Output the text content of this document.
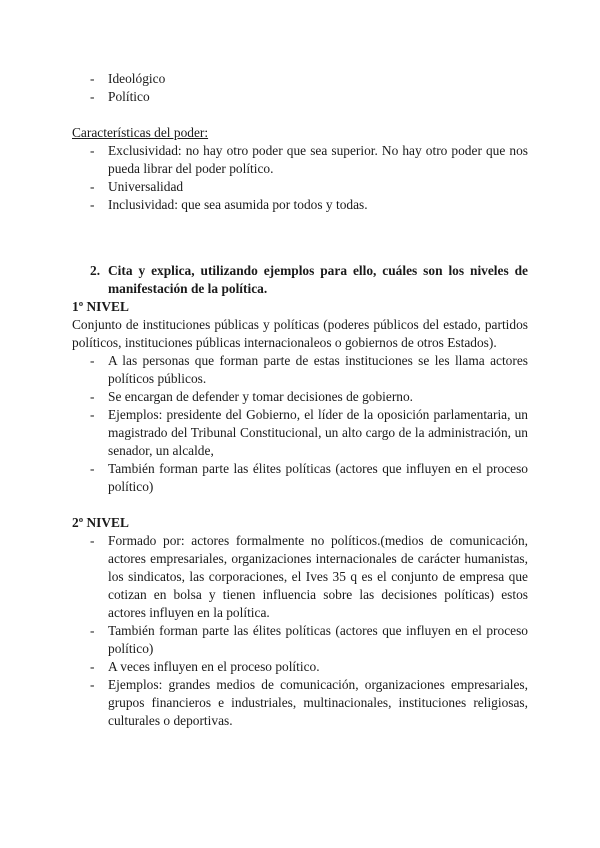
- Ideológico
- Político
Características del poder:
- Exclusividad: no hay otro poder que sea superior. No hay otro poder que nos pueda librar del poder político.
- Universalidad
- Inclusividad: que sea asumida por todos y todas.
2. Cita y explica, utilizando ejemplos para ello, cuáles son los niveles de manifestación de la política.
1º NIVEL
Conjunto de instituciones públicas y políticas (poderes públicos del estado, partidos políticos, instituciones públicas internacionaleos o gobiernos de otros Estados).
- A las personas que forman parte de estas instituciones se les llama actores políticos públicos.
- Se encargan de defender y tomar decisiones de gobierno.
- Ejemplos: presidente del Gobierno, el líder de la oposición parlamentaria, un magistrado del Tribunal Constitucional, un alto cargo de la administración, un senador, un alcalde,
- También forman parte las élites políticas (actores que influyen en el proceso político)
2º NIVEL
- Formado por: actores formalmente no políticos.(medios de comunicación, actores empresariales, organizaciones internacionales de carácter humanistas, los sindicatos, las corporaciones, el Ives 35 q es el conjunto de empresa que cotizan en bolsa y tienen influencia sobre las decisiones políticas) estos actores influyen en la política.
- También forman parte las élites políticas (actores que influyen en el proceso político)
- A veces influyen en el proceso político.
- Ejemplos: grandes medios de comunicación, organizaciones empresariales, grupos financieros e industriales, multinacionales, instituciones religiosas, culturales o deportivas.
